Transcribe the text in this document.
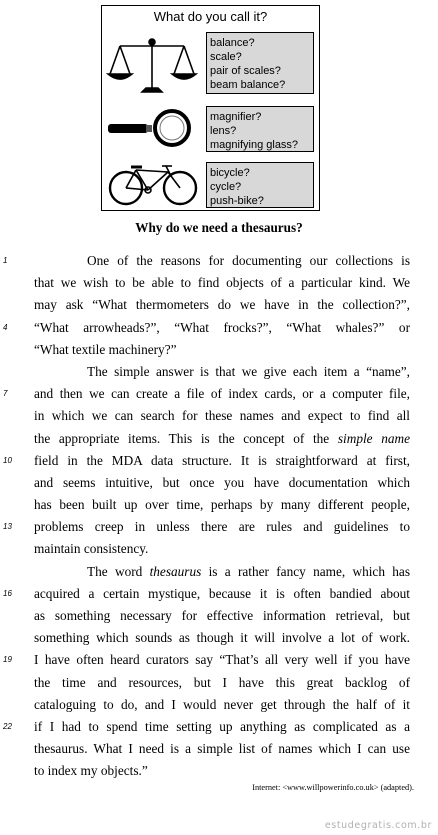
What do you call it?
balance?
scale?
pair of scales?
beam balance?
magnifier?
lens?
magnifying glass?
bicycle?
cycle?
push-bike?
Why do we need a thesaurus?
1	One of the reasons for documenting our collections is
that we wish to be able to find objects of a particular kind. We
may ask “What thermometers do we have in the collection?”,
4	“What arrowheads?”, “What frocks?”, “What whales?” or
“What textile machinery?”
The simple answer is that we give each item a “name”,
7	and then we can create a file of index cards, or a computer file,
in which we can search for these names and expect to find all
the appropriate items. This is the concept of the simple name
10	field in the MDA data structure. It is straightforward at first,
and seems intuitive, but once you have documentation which
has been built up over time, perhaps by many different people,
13	problems creep in unless there are rules and guidelines to
maintain consistency.
The word thesaurus is a rather fancy name, which has
16	acquired a certain mystique, because it is often bandied about
as something necessary for effective information retrieval, but
something which sounds as though it will involve a lot of work.
19	I have often heard curators say “That’s all very well if you have
the time and resources, but I have this great backlog of
cataloguing to do, and I would never get through the half of it
22	if I had to spend time setting up anything as complicated as a
thesaurus. What I need is a simple list of names which I can use
to index my objects.”
Internet: <www.willpowerinfo.co.uk> (adapted).
estudegratis.com.br
